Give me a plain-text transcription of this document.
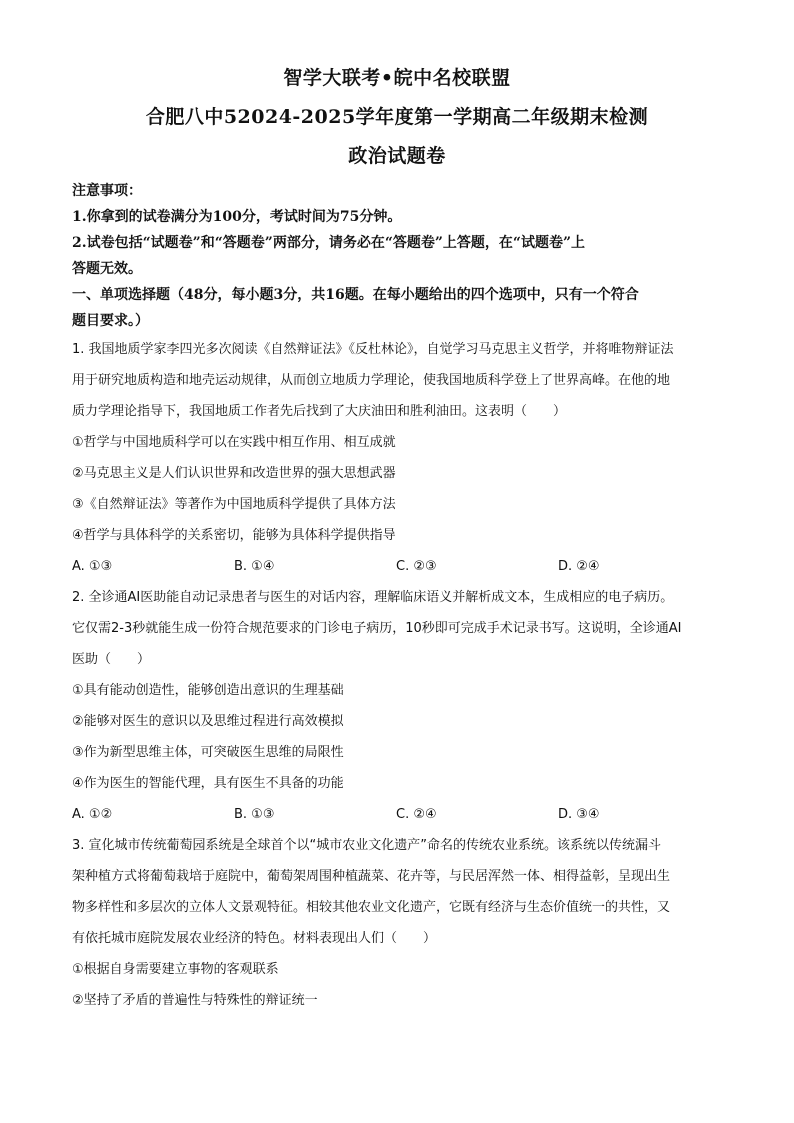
智学大联考•皖中名校联盟
合肥八中52024-2025学年度第一学期高二年级期末检测
政治试题卷

注意事项：

1.你拿到的试卷满分为100分，考试时间为75分钟。

2.试卷包括“试题卷”和“答题卷”两部分，请务必在“答题卷”上答题，在“试题卷”上

答题无效。

一、单项选择题（48分，每小题3分，共16题。在每小题给出的四个选项中，只有一个符合

题目要求。）

1. 我国地质学家李四光多次阅读《自然辩证法》《反杜林论》，自觉学习马克思主义哲学，并将唯物辩证法

用于研究地质构造和地壳运动规律，从而创立地质力学理论，使我国地质科学登上了世界高峰。在他的地

质力学理论指导下，我国地质工作者先后找到了大庆油田和胜利油田。这表明（　　）

①哲学与中国地质科学可以在实践中相互作用、相互成就

②马克思主义是人们认识世界和改造世界的强大思想武器

③《自然辩证法》等著作为中国地质科学提供了具体方法

④哲学与具体科学的关系密切，能够为具体科学提供指导

A. ①③	B. ①④	C. ②③	D. ②④

2. 全诊通AI医助能自动记录患者与医生的对话内容，理解临床语义并解析成文本，生成相应的电子病历。

它仅需2-3秒就能生成一份符合规范要求的门诊电子病历，10秒即可完成手术记录书写。这说明，全诊通AI

医助（　　）

①具有能动创造性，能够创造出意识的生理基础

②能够对医生的意识以及思维过程进行高效模拟

③作为新型思维主体，可突破医生思维的局限性

④作为医生的智能代理，具有医生不具备的功能

A. ①②	B. ①③	C. ②④	D. ③④

3. 宣化城市传统葡萄园系统是全球首个以“城市农业文化遗产”命名的传统农业系统。该系统以传统漏斗

架种植方式将葡萄栽培于庭院中，葡萄架周围种植蔬菜、花卉等，与民居浑然一体、相得益彰，呈现出生

物多样性和多层次的立体人文景观特征。相较其他农业文化遗产，它既有经济与生态价值统一的共性，又

有依托城市庭院发展农业经济的特色。材料表现出人们（　　）

①根据自身需要建立事物的客观联系

②坚持了矛盾的普遍性与特殊性的辩证统一
